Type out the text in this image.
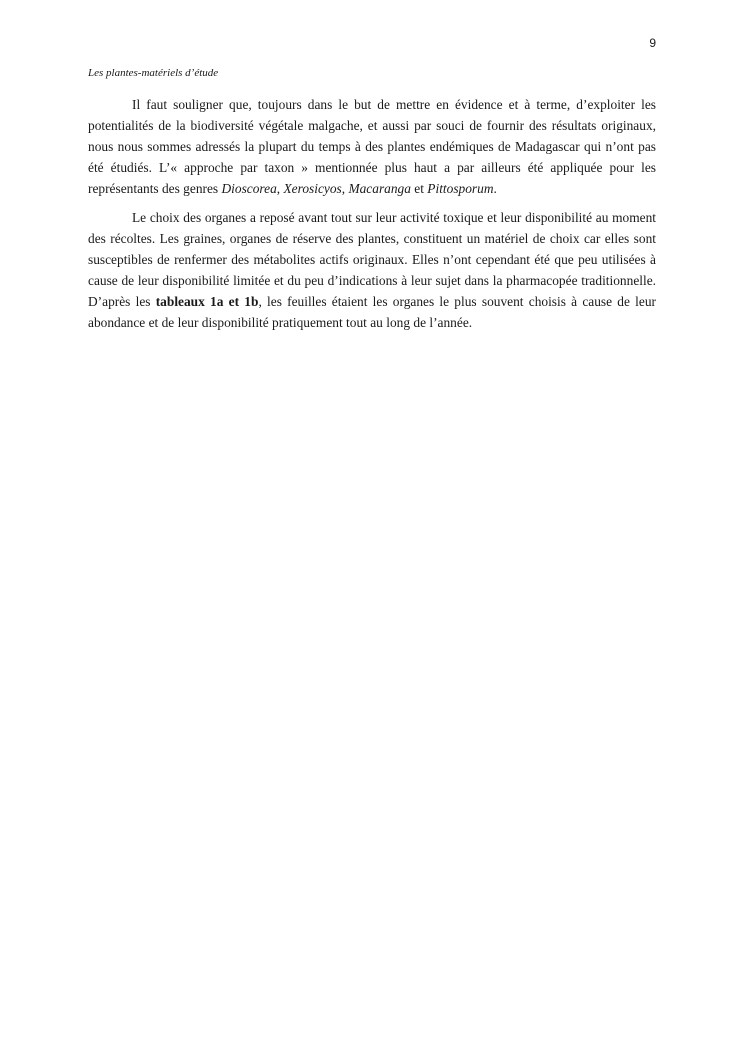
9
Les plantes-matériels d’étude

Il faut souligner que, toujours dans le but de mettre en évidence et à terme, d’exploiter les potentialités de la biodiversité végétale malgache, et aussi par souci de fournir des résultats originaux, nous nous sommes adressés la plupart du temps à des plantes endémiques de Madagascar qui n’ont pas été étudiés. L’« approche par taxon » mentionnée plus haut a par ailleurs été appliquée pour les représentants des genres Dioscorea, Xerosicyos, Macaranga et Pittosporum.

Le choix des organes a reposé avant tout sur leur activité toxique et leur disponibilité au moment des récoltes. Les graines, organes de réserve des plantes, constituent un matériel de choix car elles sont susceptibles de renfermer des métabolites actifs originaux. Elles n’ont cependant été que peu utilisées à cause de leur disponibilité limitée et du peu d’indications à leur sujet dans la pharmacopée traditionnelle. D’après les tableaux 1a et 1b, les feuilles étaient les organes le plus souvent choisis à cause de leur abondance et de leur disponibilité pratiquement tout au long de l’année.
